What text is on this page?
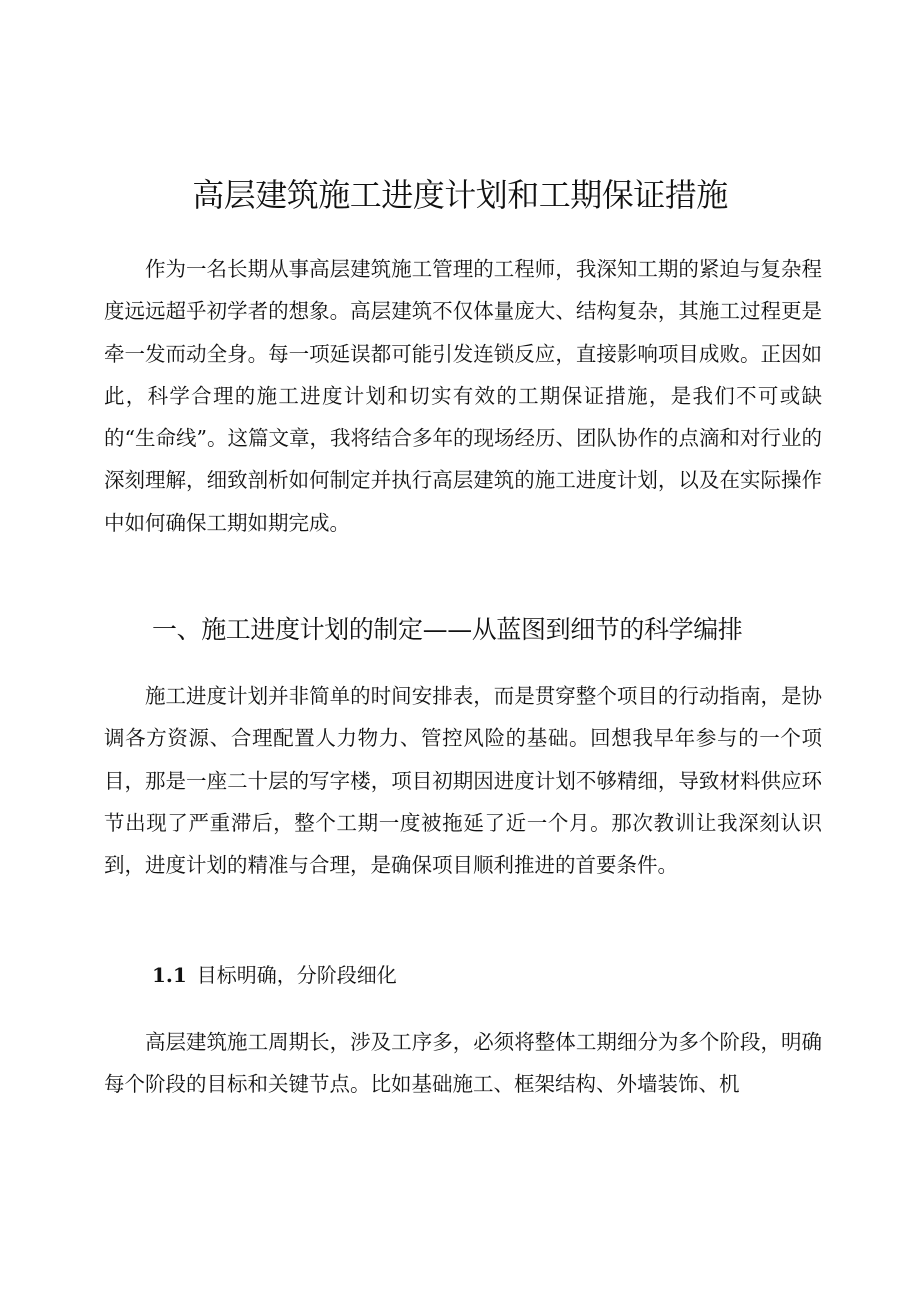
高层建筑施工进度计划和工期保证措施

作为一名长期从事高层建筑施工管理的工程师，我深知工期的紧迫与复杂程度远远超乎初学者的想象。高层建筑不仅体量庞大、结构复杂，其施工过程更是牵一发而动全身。每一项延误都可能引发连锁反应，直接影响项目成败。正因如此，科学合理的施工进度计划和切实有效的工期保证措施，是我们不可或缺的“生命线”。这篇文章，我将结合多年的现场经历、团队协作的点滴和对行业的深刻理解，细致剖析如何制定并执行高层建筑的施工进度计划，以及在实际操作中如何确保工期如期完成。

一、施工进度计划的制定——从蓝图到细节的科学编排

施工进度计划并非简单的时间安排表，而是贯穿整个项目的行动指南，是协调各方资源、合理配置人力物力、管控风险的基础。回想我早年参与的一个项目，那是一座二十层的写字楼，项目初期因进度计划不够精细，导致材料供应环节出现了严重滞后，整个工期一度被拖延了近一个月。那次教训让我深刻认识到，进度计划的精准与合理，是确保项目顺利推进的首要条件。

1.1 目标明确，分阶段细化

高层建筑施工周期长，涉及工序多，必须将整体工期细分为多个阶段，明确每个阶段的目标和关键节点。比如基础施工、框架结构、外墙装饰、机
